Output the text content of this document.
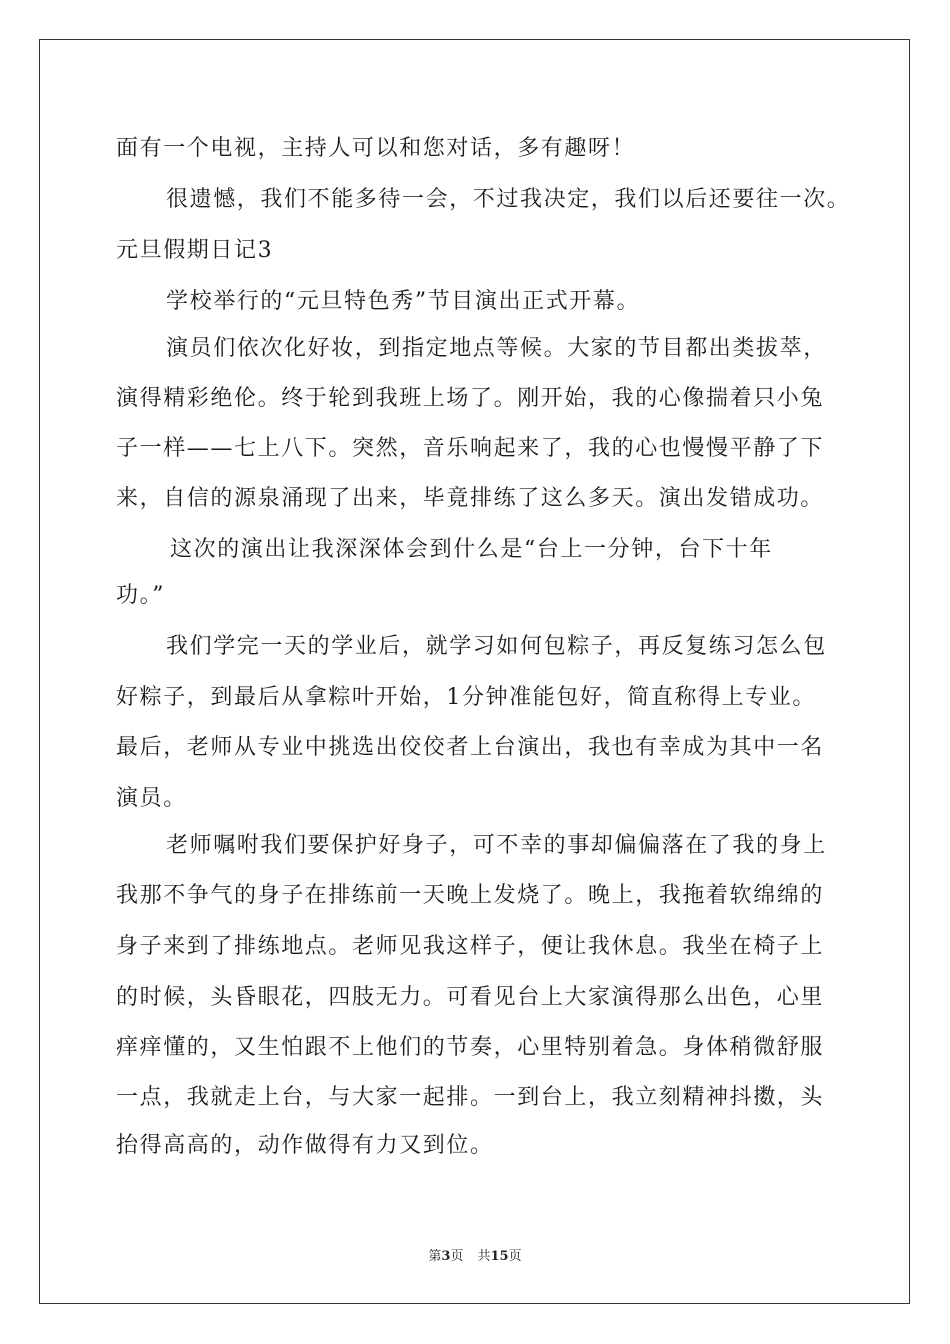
面有一个电视，主持人可以和您对话，多有趣呀！
很遗憾，我们不能多待一会，不过我决定，我们以后还要往一次。
元旦假期日记3
学校举行的“元旦特色秀”节目演出正式开幕。
演员们依次化好妆，到指定地点等候。大家的节目都出类拔萃，
演得精彩绝伦。终于轮到我班上场了。刚开始，我的心像揣着只小兔
子一样——七上八下。突然，音乐响起来了，我的心也慢慢平静了下
来，自信的源泉涌现了出来，毕竟排练了这么多天。演出发错成功。
这次的演出让我深深体会到什么是“台上一分钟，台下十年
功。”
我们学完一天的学业后，就学习如何包粽子，再反复练习怎么包
好粽子，到最后从拿粽叶开始，1分钟准能包好，简直称得上专业。
最后，老师从专业中挑选出佼佼者上台演出，我也有幸成为其中一名
演员。
老师嘱咐我们要保护好身子，可不幸的事却偏偏落在了我的身上
我那不争气的身子在排练前一天晚上发烧了。晚上，我拖着软绵绵的
身子来到了排练地点。老师见我这样子，便让我休息。我坐在椅子上
的时候，头昏眼花，四肢无力。可看见台上大家演得那么出色，心里
痒痒懂的，又生怕跟不上他们的节奏，心里特别着急。身体稍微舒服
一点，我就走上台，与大家一起排。一到台上，我立刻精神抖擞，头
抬得高高的，动作做得有力又到位。
第3页 共15页
